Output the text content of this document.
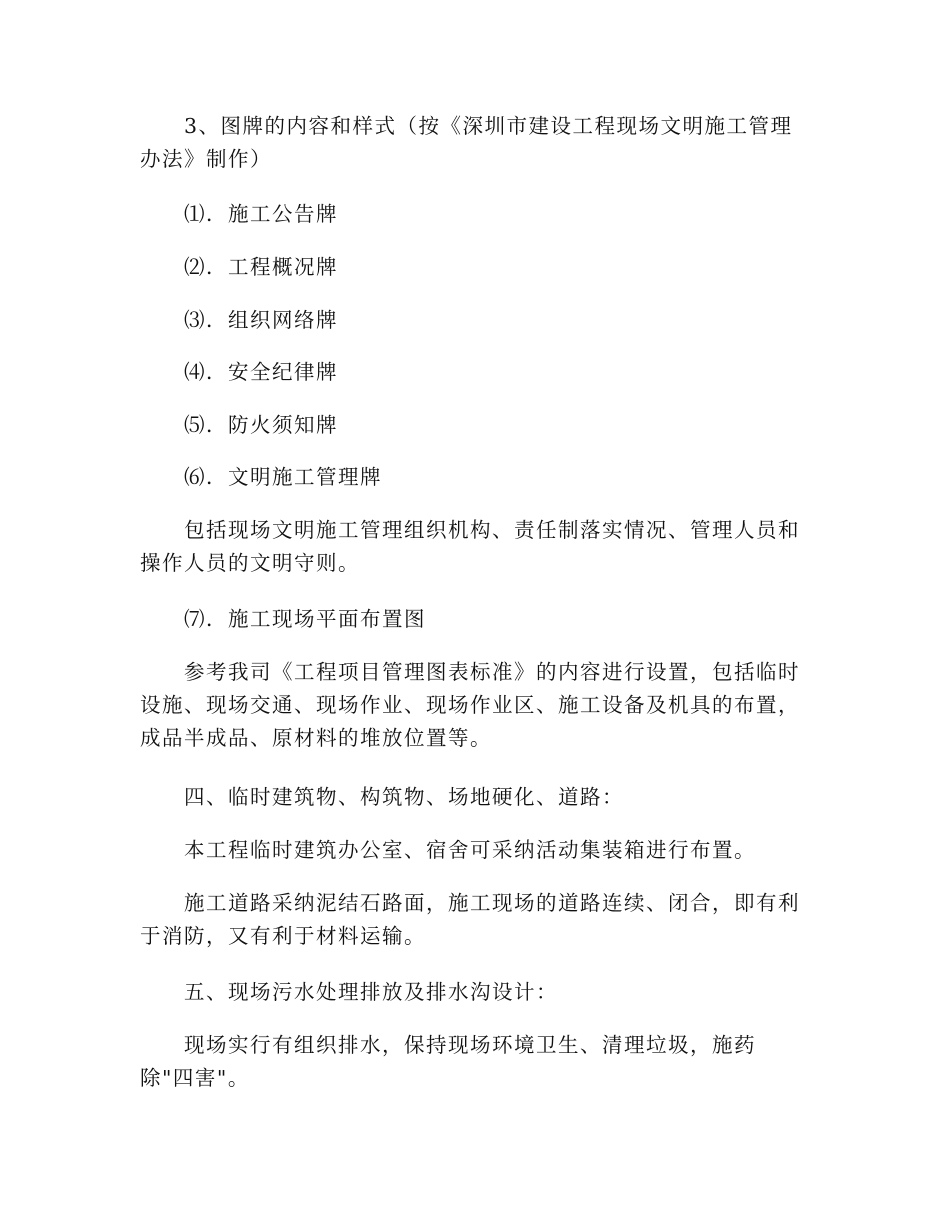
3、图牌的内容和样式（按《深圳市建设工程现场文明施工管理办法》制作）

⑴．施工公告牌

⑵．工程概况牌

⑶．组织网络牌

⑷．安全纪律牌

⑸．防火须知牌

⑹．文明施工管理牌

包括现场文明施工管理组织机构、责任制落实情况、管理人员和操作人员的文明守则。

⑺．施工现场平面布置图

参考我司《工程项目管理图表标准》的内容进行设置，包括临时设施、现场交通、现场作业、现场作业区、施工设备及机具的布置，成品半成品、原材料的堆放位置等。

四、临时建筑物、构筑物、场地硬化、道路：

本工程临时建筑办公室、宿舍可采纳活动集装箱进行布置。

施工道路采纳泥结石路面，施工现场的道路连续、闭合，即有利于消防，又有利于材料运输。

五、现场污水处理排放及排水沟设计：

现场实行有组织排水，保持现场环境卫生、清理垃圾，施药除"四害"。
